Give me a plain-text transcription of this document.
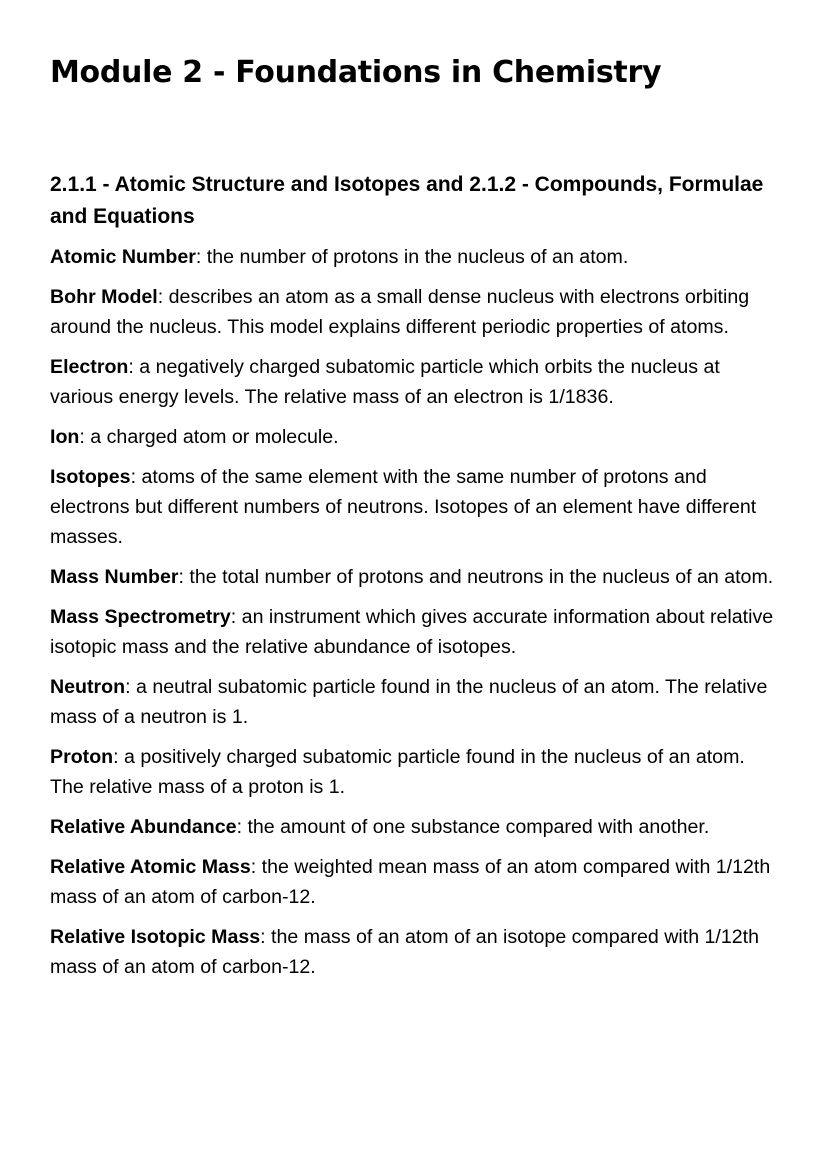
Module 2 - Foundations in Chemistry
2.1.1 - Atomic Structure and Isotopes and 2.1.2 - Compounds, Formulae and Equations

Atomic Number: the number of protons in the nucleus of an atom.

Bohr Model: describes an atom as a small dense nucleus with electrons orbiting around the nucleus. This model explains different periodic properties of atoms.

Electron: a negatively charged subatomic particle which orbits the nucleus at various energy levels. The relative mass of an electron is 1/1836.

Ion: a charged atom or molecule.

Isotopes: atoms of the same element with the same number of protons and electrons but different numbers of neutrons. Isotopes of an element have different masses.

Mass Number: the total number of protons and neutrons in the nucleus of an atom.

Mass Spectrometry: an instrument which gives accurate information about relative isotopic mass and the relative abundance of isotopes.

Neutron: a neutral subatomic particle found in the nucleus of an atom. The relative mass of a neutron is 1.

Proton: a positively charged subatomic particle found in the nucleus of an atom. The relative mass of a proton is 1.

Relative Abundance: the amount of one substance compared with another.

Relative Atomic Mass: the weighted mean mass of an atom compared with 1/12th mass of an atom of carbon-12.

Relative Isotopic Mass: the mass of an atom of an isotope compared with 1/12th mass of an atom of carbon-12.
